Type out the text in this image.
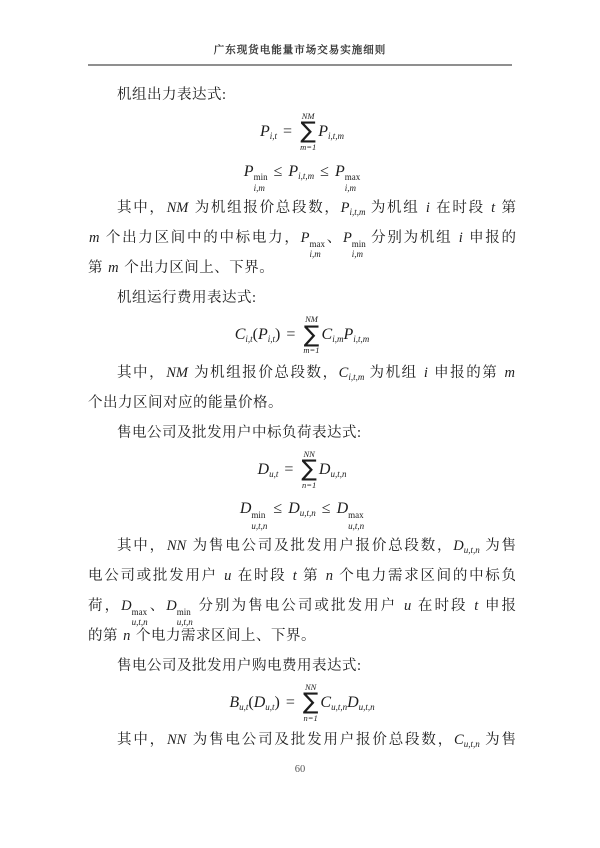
广东现货电能量市场交易实施细则
机组出力表达式:
Pi,t =
NM
∑
m=1
Pi,t,m
P min
i,m
≤ Pi,t,m ≤ P max
i,m
其中，NM 为机组报价总段数，$P_{i,t,m}$ 为机组 i 在时段 t 第
m 个出力区间中的中标电力，P max
i,m
、P min
i,m
分别为机组 i 申报的
第 m 个出力区间上、下界。
机组运行费用表达式:
Ci,t(Pi,t) =
NM
∑
m=1
Ci,mPi,t,m
其中，NM 为机组报价总段数，$C_{i,t,m}$ 为机组 i 申报的第 m
个出力区间对应的能量价格。
售电公司及批发用户中标负荷表达式:
Du,t =
NN
∑
n=1
Du,t,n
D min
u,t,n
≤ Du,t,n ≤ D max
u,t,n
其中，NN 为售电公司及批发用户报价总段数，$D_{u,t,n}$ 为售
电公司或批发用户 u 在时段 t 第 n 个电力需求区间的中标负
荷，D max
u,t,n
、D min
u,t,n
分别为售电公司或批发用户 u 在时段 t 申报
的第 n 个电力需求区间上、下界。
售电公司及批发用户购电费用表达式:
Bu,t(Du,t) =
NN
∑
n=1
Cu,t,nDu,t,n
其中，NN 为售电公司及批发用户报价总段数，$C_{u,t,n}$ 为售
60
